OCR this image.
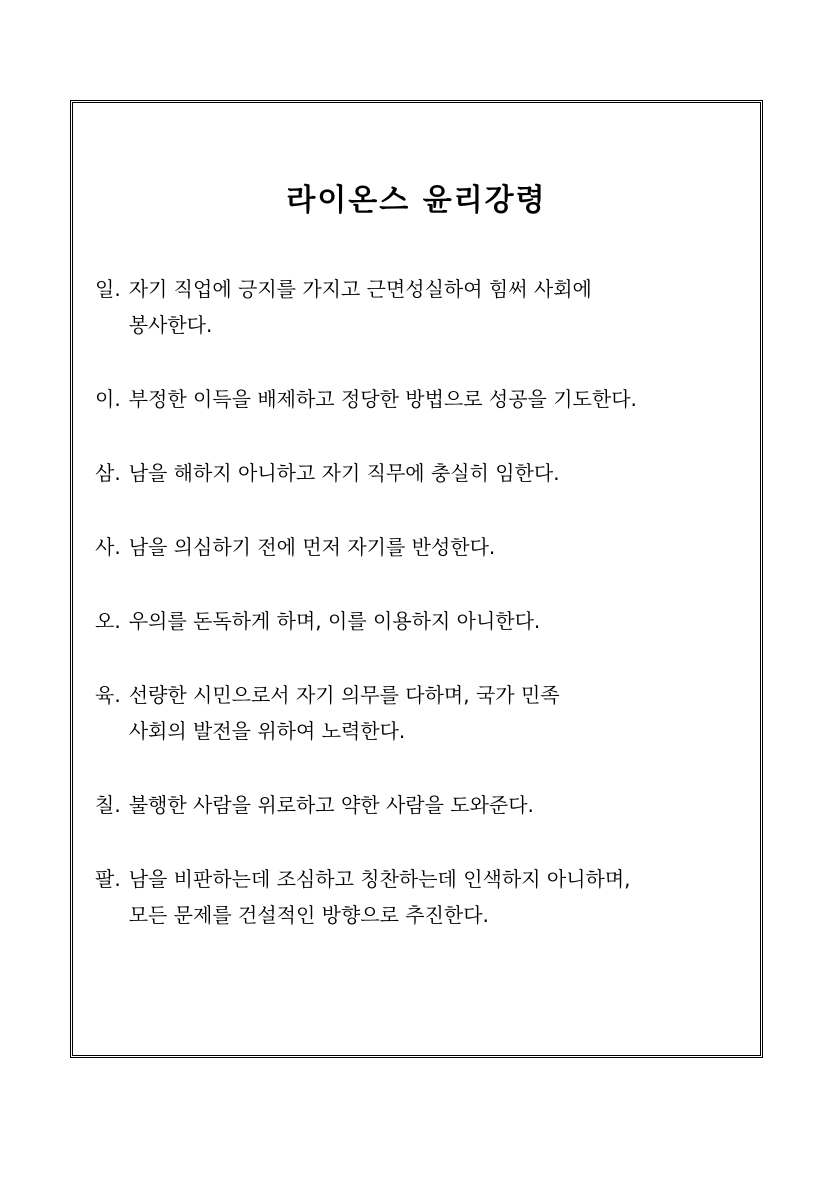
라이온스 윤리강령
일. 자기 직업에 긍지를 가지고 근면성실하여 힘써 사회에
봉사한다.
이. 부정한 이득을 배제하고 정당한 방법으로 성공을 기도한다.
삼. 남을 해하지 아니하고 자기 직무에 충실히 임한다.
사. 남을 의심하기 전에 먼저 자기를 반성한다.
오. 우의를 돈독하게 하며, 이를 이용하지 아니한다.
육. 선량한 시민으로서 자기 의무를 다하며, 국가 민족
사회의 발전을 위하여 노력한다.
칠. 불행한 사람을 위로하고 약한 사람을 도와준다.
팔. 남을 비판하는데 조심하고 칭찬하는데 인색하지 아니하며,
모든 문제를 건설적인 방향으로 추진한다.
